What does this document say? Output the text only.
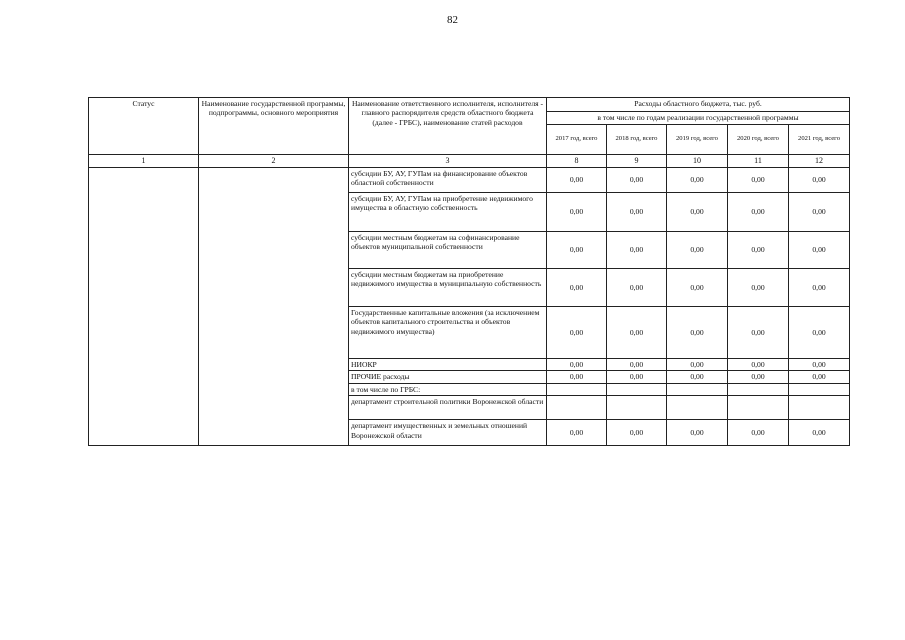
82
Статус	Наименование государственной программы, подпрограммы, основного мероприятия	Наименование ответственного исполнителя, исполнителя - главного распорядителя средств областного бюджета (далее - ГРБС), наименование статей расходов	Расходы областного бюджета, тыс. руб.				
			в том числе по годам реализации государственной программы				
			2017 год, всего	2018 год, всего	2019 год, всего	2020 год, всего	2021 год, всего
1	2	3	8	9	10	11	12
		субсидии БУ, АУ, ГУПам на финансирование объектов областной собственности	0,00	0,00	0,00	0,00	0,00
		субсидии БУ, АУ, ГУПам на приобретение недвижимого имущества в областную собственность	0,00	0,00	0,00	0,00	0,00
		субсидии местным бюджетам на софинансирование объектов муниципальной собственности	0,00	0,00	0,00	0,00	0,00
		субсидии местным бюджетам на приобретение недвижимого имущества в муниципальную собственность	0,00	0,00	0,00	0,00	0,00
		Государственные капитальные вложения (за исключением объектов капитального строительства и объектов недвижимого имущества)	0,00	0,00	0,00	0,00	0,00
		НИОКР	0,00	0,00	0,00	0,00	0,00
		ПРОЧИЕ расходы	0,00	0,00	0,00	0,00	0,00
		в том числе по ГРБС:					
		департамент строительной политики Воронежской области					
		департамент имущественных и земельных отношений Воронежской области	0,00	0,00	0,00	0,00	0,00
